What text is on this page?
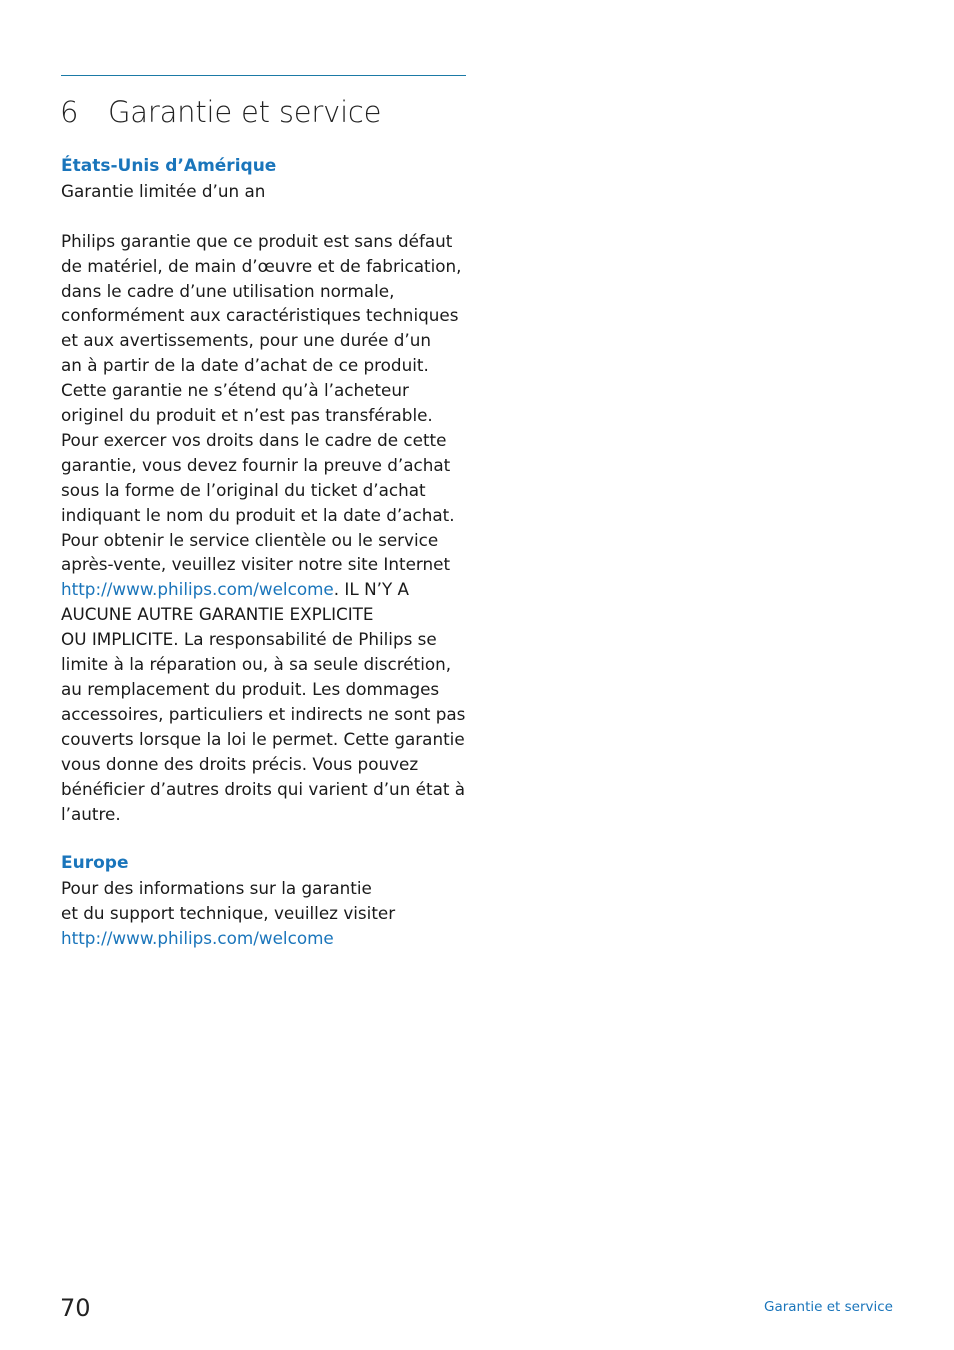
6 Garantie et service
États-Unis d’Amérique
Garantie limitée d’un an
Philips garantie que ce produit est sans défaut
de matériel, de main d’œuvre et de fabrication,
dans le cadre d’une utilisation normale,
conformément aux caractéristiques techniques
et aux avertissements, pour une durée d’un
an à partir de la date d’achat de ce produit.
Cette garantie ne s’étend qu’à l’acheteur
originel du produit et n’est pas transférable.
Pour exercer vos droits dans le cadre de cette
garantie, vous devez fournir la preuve d’achat
sous la forme de l’original du ticket d’achat
indiquant le nom du produit et la date d’achat.
Pour obtenir le service clientèle ou le service
après-vente, veuillez visiter notre site Internet
http://www.philips.com/welcome. IL N’Y A
AUCUNE AUTRE GARANTIE EXPLICITE
OU IMPLICITE. La responsabilité de Philips se
limite à la réparation ou, à sa seule discrétion,
au remplacement du produit. Les dommages
accessoires, particuliers et indirects ne sont pas
couverts lorsque la loi le permet. Cette garantie
vous donne des droits précis. Vous pouvez
bénéficier d’autres droits qui varient d’un état à
l’autre.
Europe
Pour des informations sur la garantie
et du support technique, veuillez visiter
http://www.philips.com/welcome
70	Garantie et service
